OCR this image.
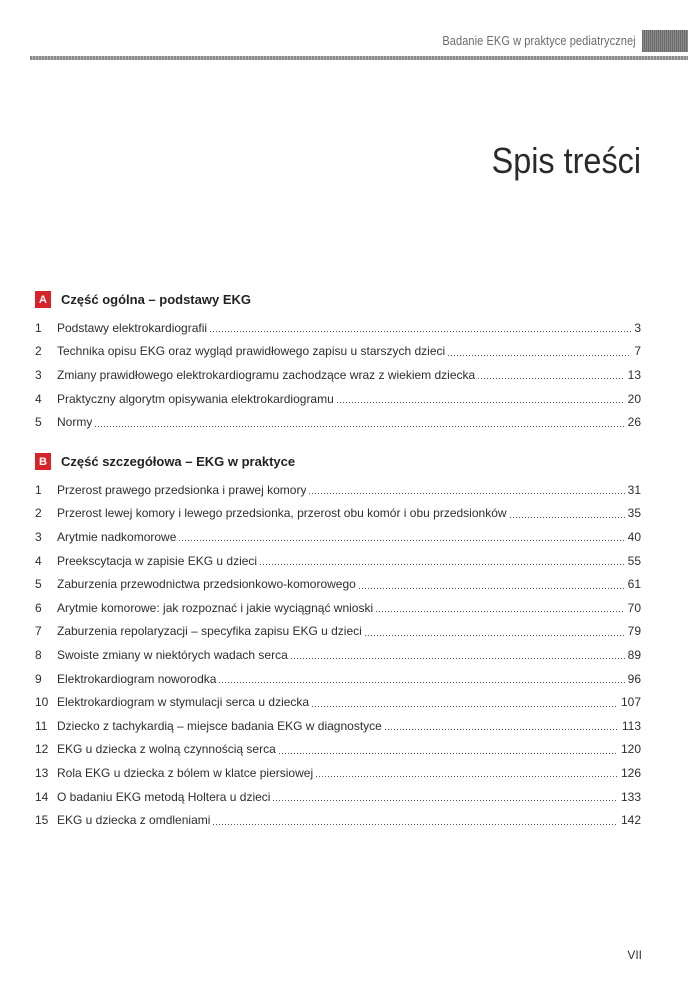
Badanie EKG w praktyce pediatrycznej
Spis treści
A	Część ogólna – podstawy EKG
1	Podstawy elektrokardiografii	3
2	Technika opisu EKG oraz wygląd prawidłowego zapisu u starszych dzieci	7
3	Zmiany prawidłowego elektrokardiogramu zachodzące wraz z wiekiem dziecka	13
4	Praktyczny algorytm opisywania elektrokardiogramu	20
5	Normy	26
B	Część szczegółowa – EKG w praktyce
1	Przerost prawego przedsionka i prawej komory	31
2	Przerost lewej komory i lewego przedsionka, przerost obu komór i obu przedsionków	35
3	Arytmie nadkomorowe	40
4	Preekscytacja w zapisie EKG u dzieci	55
5	Zaburzenia przewodnictwa przedsionkowo-komorowego	61
6	Arytmie komorowe: jak rozpoznać i jakie wyciągnąć wnioski	70
7	Zaburzenia repolaryzacji – specyfika zapisu EKG u dzieci	79
8	Swoiste zmiany w niektórych wadach serca	89
9	Elektrokardiogram noworodka	96
10 Elektrokardiogram w stymulacji serca u dziecka	107
11 Dziecko z tachykardią – miejsce badania EKG w diagnostyce	113
12 EKG u dziecka z wolną czynnością serca	120
13 Rola EKG u dziecka z bólem w klatce piersiowej	126
14 O badaniu EKG metodą Holtera u dzieci	133
15 EKG u dziecka z omdleniami	142
VII
